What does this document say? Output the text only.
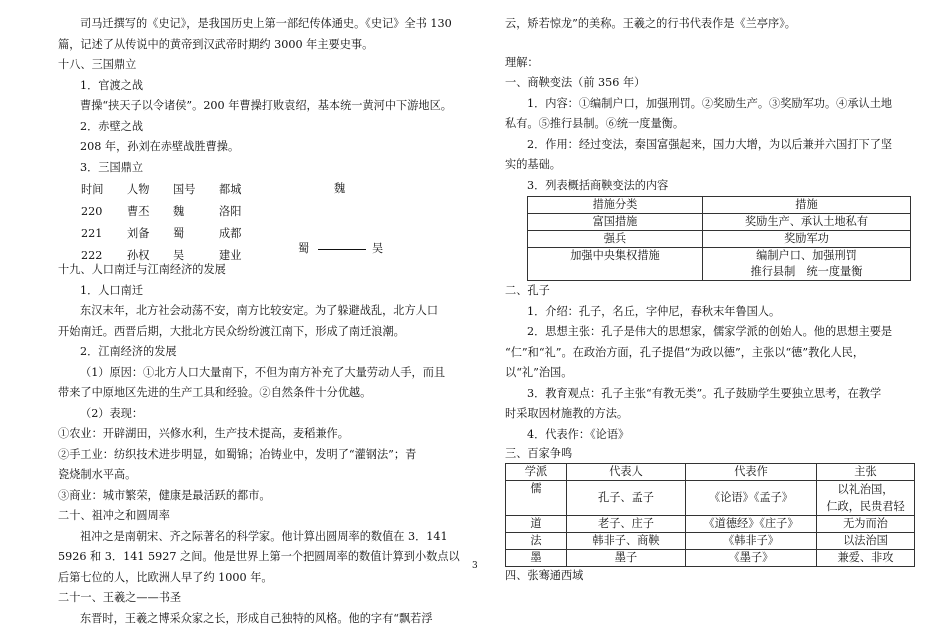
司马迁撰写的《史记》，是我国历史上第一部纪传体通史。《史记》全书 130
篇，记述了从传说中的黄帝到汉武帝时期约 3000 年主要史事。
十八、三国鼎立
1．官渡之战
曹操“挟天子以令诸侯”。200 年曹操打败袁绍，基本统一黄河中下游地区。
2．赤壁之战
208 年，孙刘在赤壁战胜曹操。
3．三国鼎立
时间	人物	国号	都城
220	曹丕	魏	洛阳
221	刘备	蜀	成都
222	孙权	吴	建业
魏
蜀	吴
十九、人口南迁与江南经济的发展
1．人口南迁
东汉末年，北方社会动荡不安，南方比较安定。为了躲避战乱，北方人口
开始南迁。西晋后期，大批北方民众纷纷渡江南下，形成了南迁浪潮。
2．江南经济的发展
（1）原因：①北方人口大量南下，不但为南方补充了大量劳动人手，而且
带来了中原地区先进的生产工具和经验。②自然条件十分优越。
（2）表现：
①农业：开辟湖田，兴修水利，生产技术提高，麦稻兼作。
②手工业：纺织技术进步明显，如蜀锦；冶铸业中，发明了“灌钢法”；青
瓷烧制水平高。
③商业：城市繁荣，健康是最活跃的都市。
二十、祖冲之和圆周率
祖冲之是南朝宋、齐之际著名的科学家。他计算出圆周率的数值在 3．141
5926 和 3．141 5927 之间。他是世界上第一个把圆周率的数值计算到小数点以
后第七位的人，比欧洲人早了约 1000 年。
二十一、王羲之——书圣
东晋时，王羲之博采众家之长，形成自己独特的风格。他的字有“飘若浮
云，矫若惊龙”的美称。王羲之的行书代表作是《兰亭序》。
理解：
一、商鞅变法（前 356 年）
1．内容：①编制户口，加强刑罚。②奖励生产。③奖励军功。④承认土地
私有。⑤推行县制。⑥统一度量衡。
2．作用：经过变法，秦国富强起来，国力大增，为以后兼并六国打下了坚
实的基础。
3．列表概括商鞅变法的内容
措施分类	措施
富国措施	奖励生产、承认土地私有
强兵	奖励军功
加强中央集权措施	编制户口、加强刑罚
推行县制　统一度量衡
二、孔子
1．介绍：孔子，名丘，字仲尼，春秋末年鲁国人。
2．思想主张：孔子是伟大的思想家，儒家学派的创始人。他的思想主要是
“仁”和“礼”。在政治方面，孔子提倡“为政以德”，主张以“德”教化人民，
以“礼”治国。
3．教育观点：孔子主张“有教无类”。孔子鼓励学生要独立思考，在教学
时采取因材施教的方法。
4．代表作：《论语》
三、百家争鸣
学派	代表人	代表作	主张
儒	孔子、孟子	《论语》《孟子》	以礼治国，
仁政，民贵君轻

道	老子、庄子	《道德经》《庄子》	无为而治
法	韩非子、商鞅	《韩非子》	以法治国
墨	墨子	《墨子》	兼爱、非攻
四、张骞通西域
3
